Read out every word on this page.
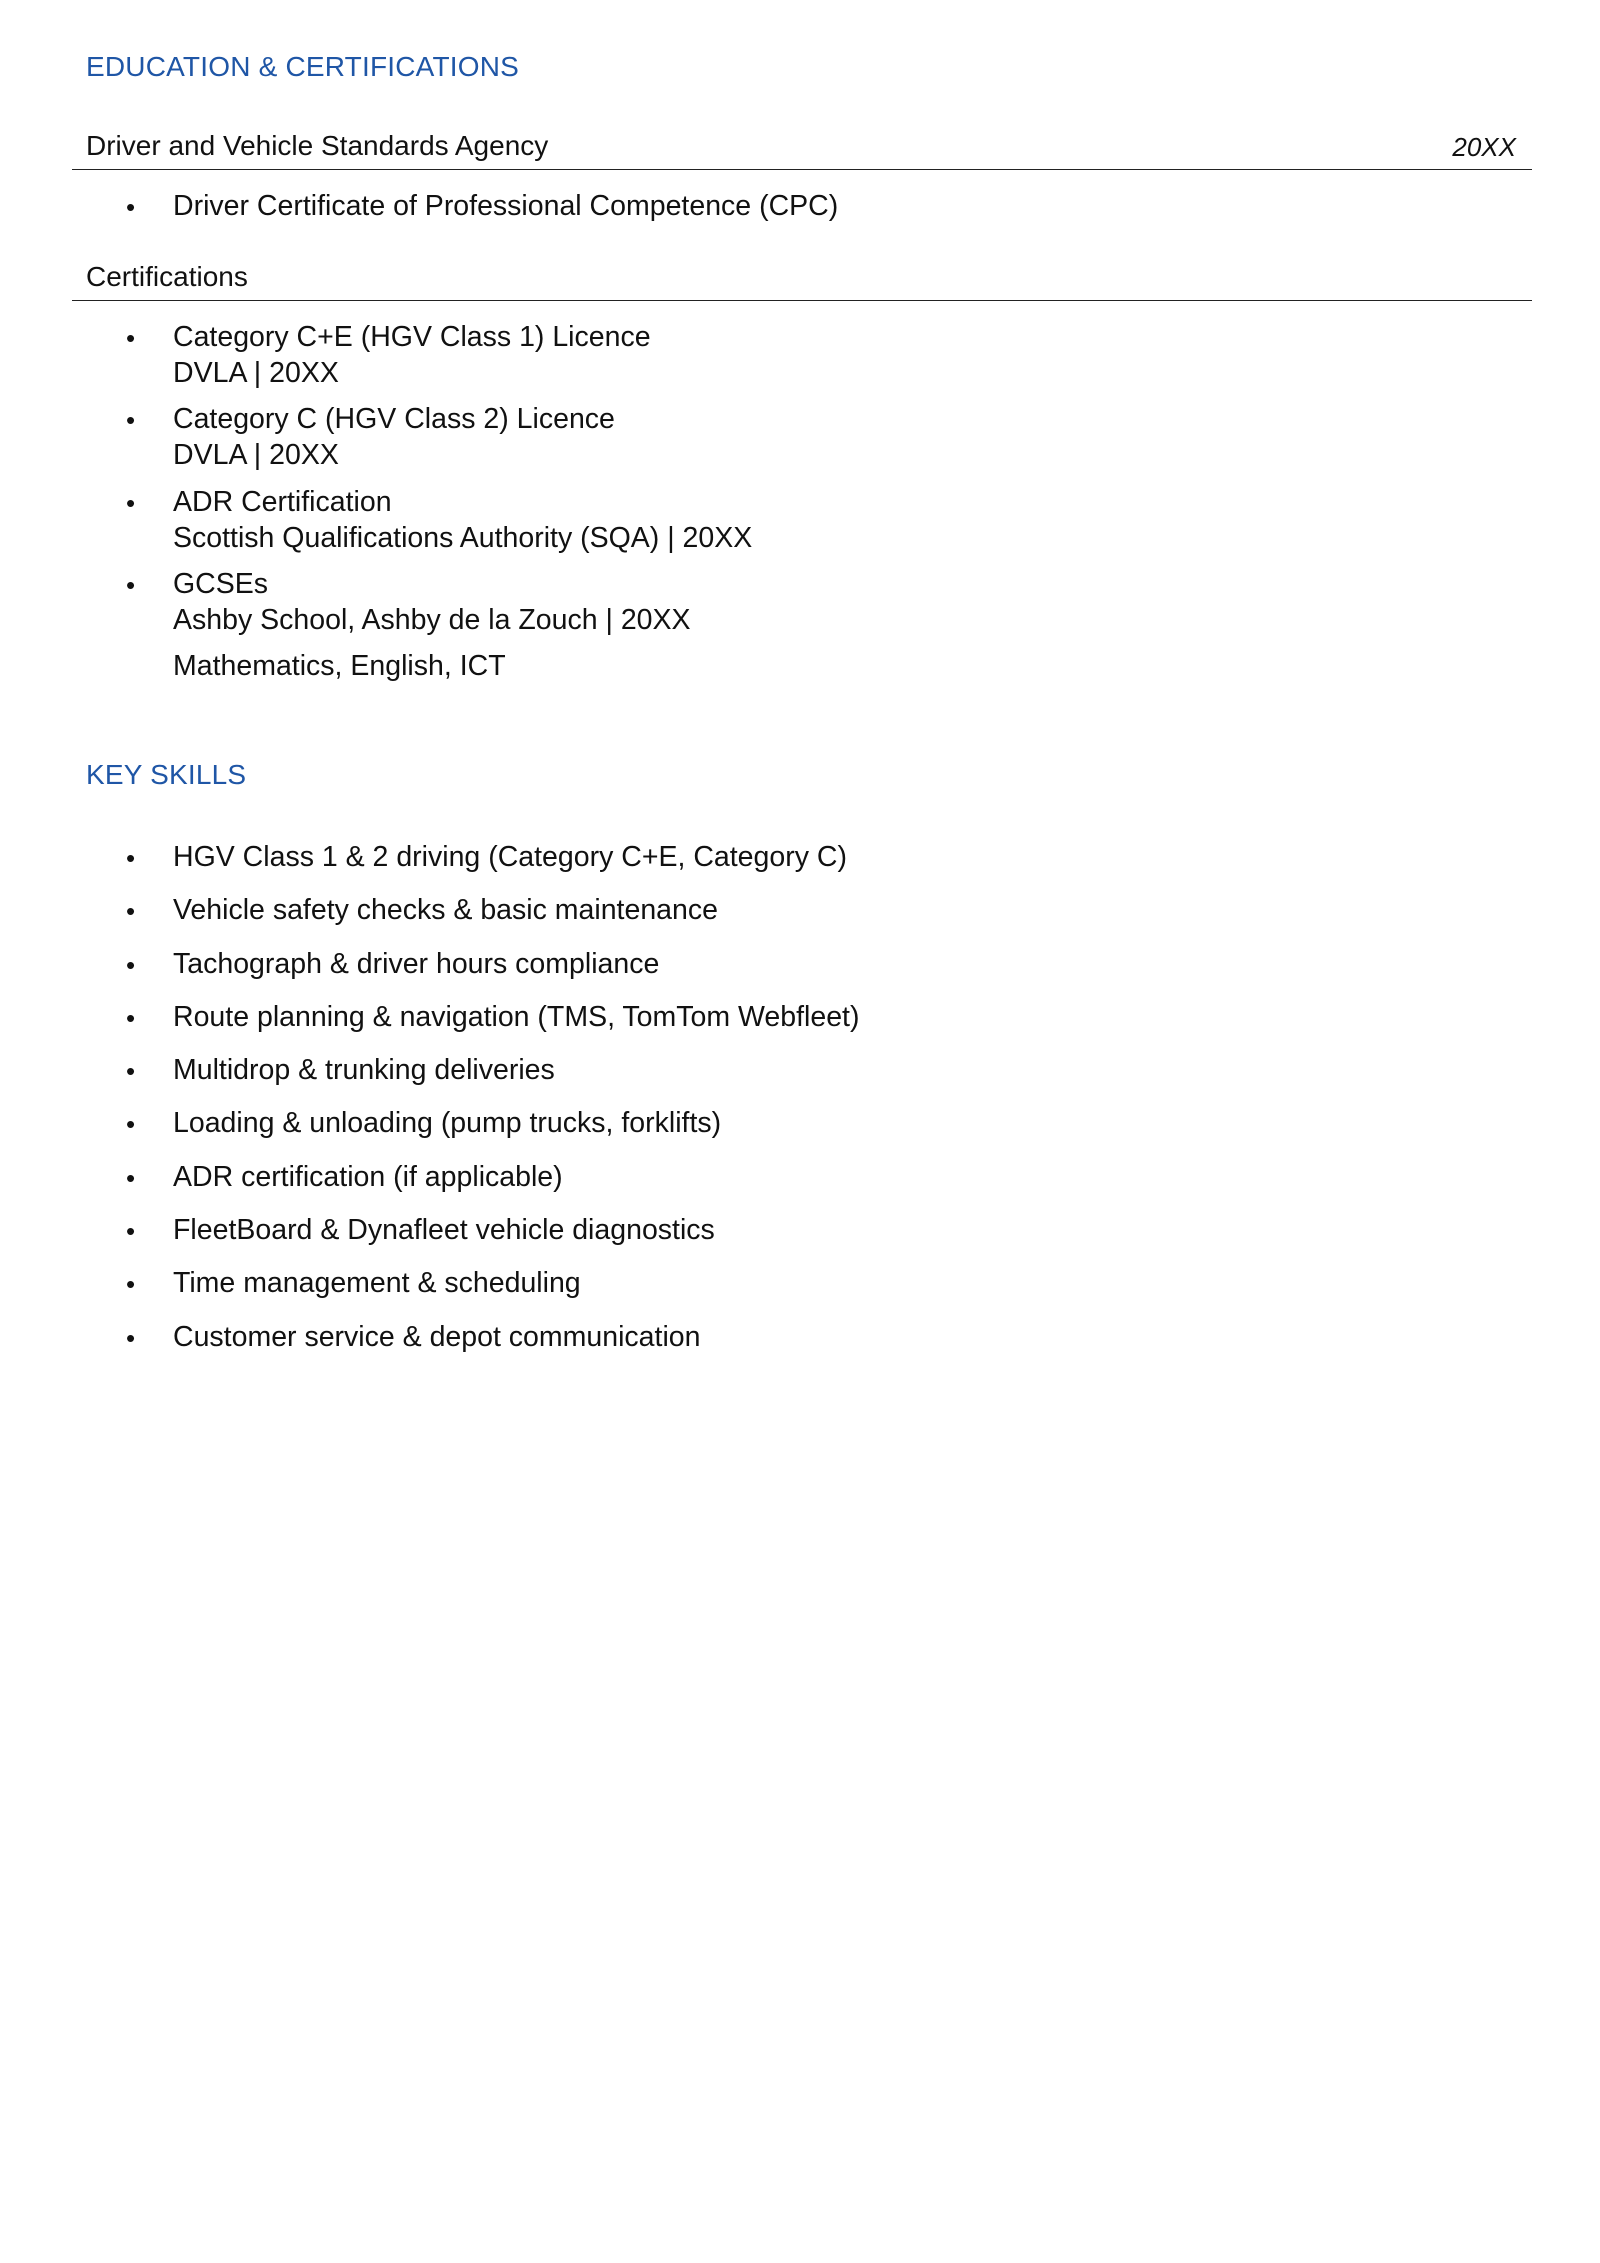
EDUCATION & CERTIFICATIONS
Driver and Vehicle Standards Agency	20XX
• Driver Certificate of Professional Competence (CPC)
Certifications
• Category C+E (HGV Class 1) Licence
DVLA | 20XX
• Category C (HGV Class 2) Licence
DVLA | 20XX
• ADR Certification
Scottish Qualifications Authority (SQA) | 20XX
• GCSEs
Ashby School, Ashby de la Zouch | 20XX
Mathematics, English, ICT
KEY SKILLS
• HGV Class 1 & 2 driving (Category C+E, Category C)
• Vehicle safety checks & basic maintenance
• Tachograph & driver hours compliance
• Route planning & navigation (TMS, TomTom Webfleet)
• Multidrop & trunking deliveries
• Loading & unloading (pump trucks, forklifts)
• ADR certification (if applicable)
• FleetBoard & Dynafleet vehicle diagnostics
• Time management & scheduling
• Customer service & depot communication
